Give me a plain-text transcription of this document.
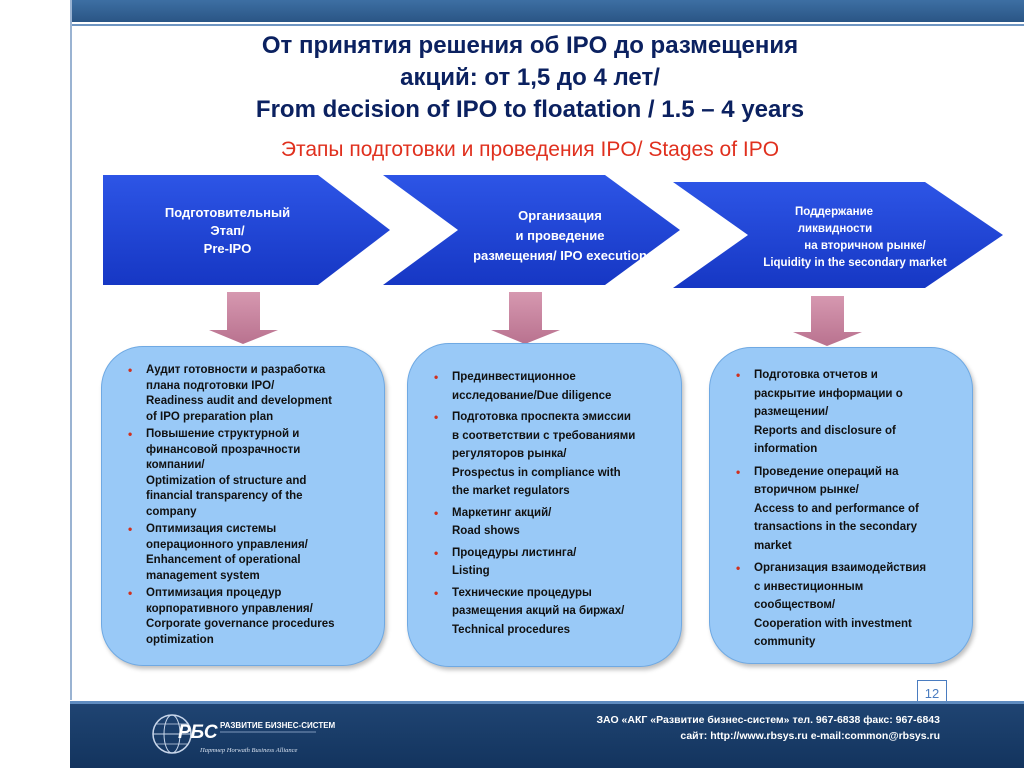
От принятия решения об IPO до размещения
акций: от 1,5 до 4 лет/
From decision of IPO to floatation / 1.5 – 4 years
Этапы подготовки и проведения IPO/ Stages of IPO
Подготовительный
Этап/
Pre-IPO
Организация
и проведение
размещения/ IPO execution
Поддержание
ликвидности
на вторичном рынке/
Liquidity in the secondary market
• Аудит готовности и разработка
плана подготовки IPO/
Readiness audit and development
of IPO preparation plan
• Повышение структурной и
финансовой прозрачности
компании/
Optimization of structure and
financial transparency of the
company
• Оптимизация системы
операционного управления/
Enhancement of operational
management system
• Оптимизация процедур
корпоративного управления/
Corporate governance procedures
optimization
• Прединвестиционное
исследование/Due diligence
• Подготовка проспекта эмиссии
в соответствии с требованиями
регуляторов рынка/
Prospectus in compliance with
the market regulators
• Маркетинг акций/
Road shows
• Процедуры листинга/
Listing
• Технические процедуры
размещения акций на биржах/
Technical procedures
• Подготовка отчетов и
раскрытие информации о
размещении/
Reports and disclosure of
information
• Проведение операций на
вторичном рынке/
Access to and performance of
transactions in the secondary
market
• Организация взаимодействия
с инвестиционным
сообществом/
Cooperation with investment
community
12
РБС РАЗВИТИЕ БИЗНЕС-СИСТЕМ
Партнер Horwath Business Alliance
ЗАО «АКГ «Развитие бизнес-систем» тел. 967-6838 факс: 967-6843
сайт: http://www.rbsys.ru e-mail:common@rbsys.ru
